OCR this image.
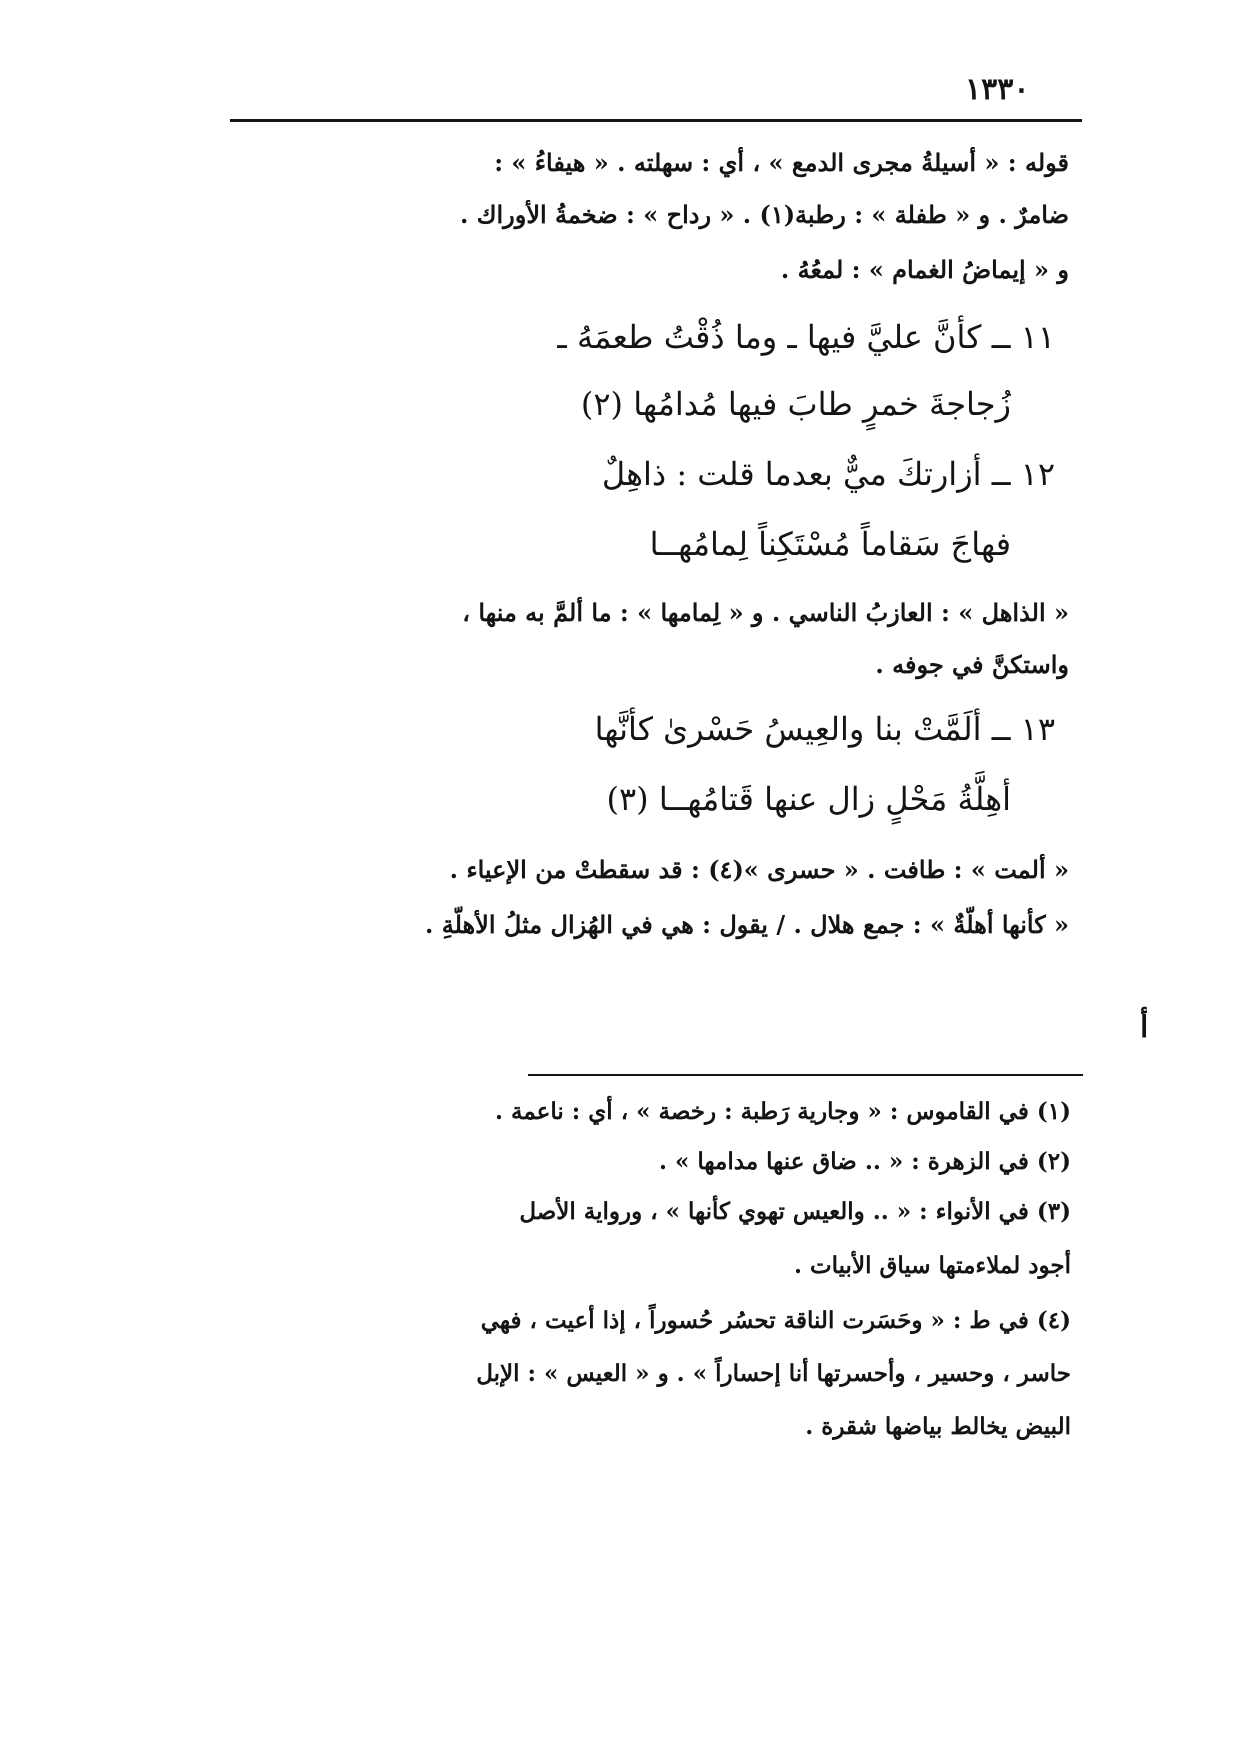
١٣٣٠
قوله : « أسيلةُ مجرى الدمع » ، أي : سهلته . « هيفاءُ » :
ضامرٌ . و « طفلة » : رطبة(١) . « رداح » : ضخمةُ الأوراك .
و « إيماضُ الغمام » : لمعُهُ .
١١ ــ كأنَّ عليَّ فيها ـ وما ذُقْتُ طعمَهُ ـ
زُجاجةَ خمرٍ طابَ فيها مُدامُها (٢)
١٢ ــ أزارتكَ ميٌّ بعدما قلت : ذاهِلٌ
فهاجَ سَقاماً مُسْتَكِناً لِمامُهــا
« الذاهل » : العازبُ الناسي . و « لِمامها » : ما ألمَّ به منها ،
واستكنَّ في جوفه .
١٣ ــ ألَمَّتْ بنا والعِيسُ حَسْرىٰ كأنَّها
أهِلَّةُ مَحْلٍ زال عنها قَتامُهــا (٣)
« ألمت » : طافت . « حسرى »(٤) : قد سقطتْ من الإعياء .
« كأنها أهلّةٌ » : جمع هلال . / يقول : هي في الهُزال مثلُ الأهلّةِ .
أ
(١) في القاموس : « وجارية رَطبة : رخصة » ، أي : ناعمة .
(٢) في الزهرة : « .. ضاق عنها مدامها » .
(٣) في الأنواء : « .. والعيس تهوي كأنها » ، ورواية الأصل
أجود لملاءمتها سياق الأبيات .
(٤) في ط : « وحَسَرت الناقة تحسُر حُسوراً ، إذا أعيت ، فهي
حاسر ، وحسير ، وأحسرتها أنا إحساراً » . و « العيس » : الإبل
البيض يخالط بياضها شقرة .
